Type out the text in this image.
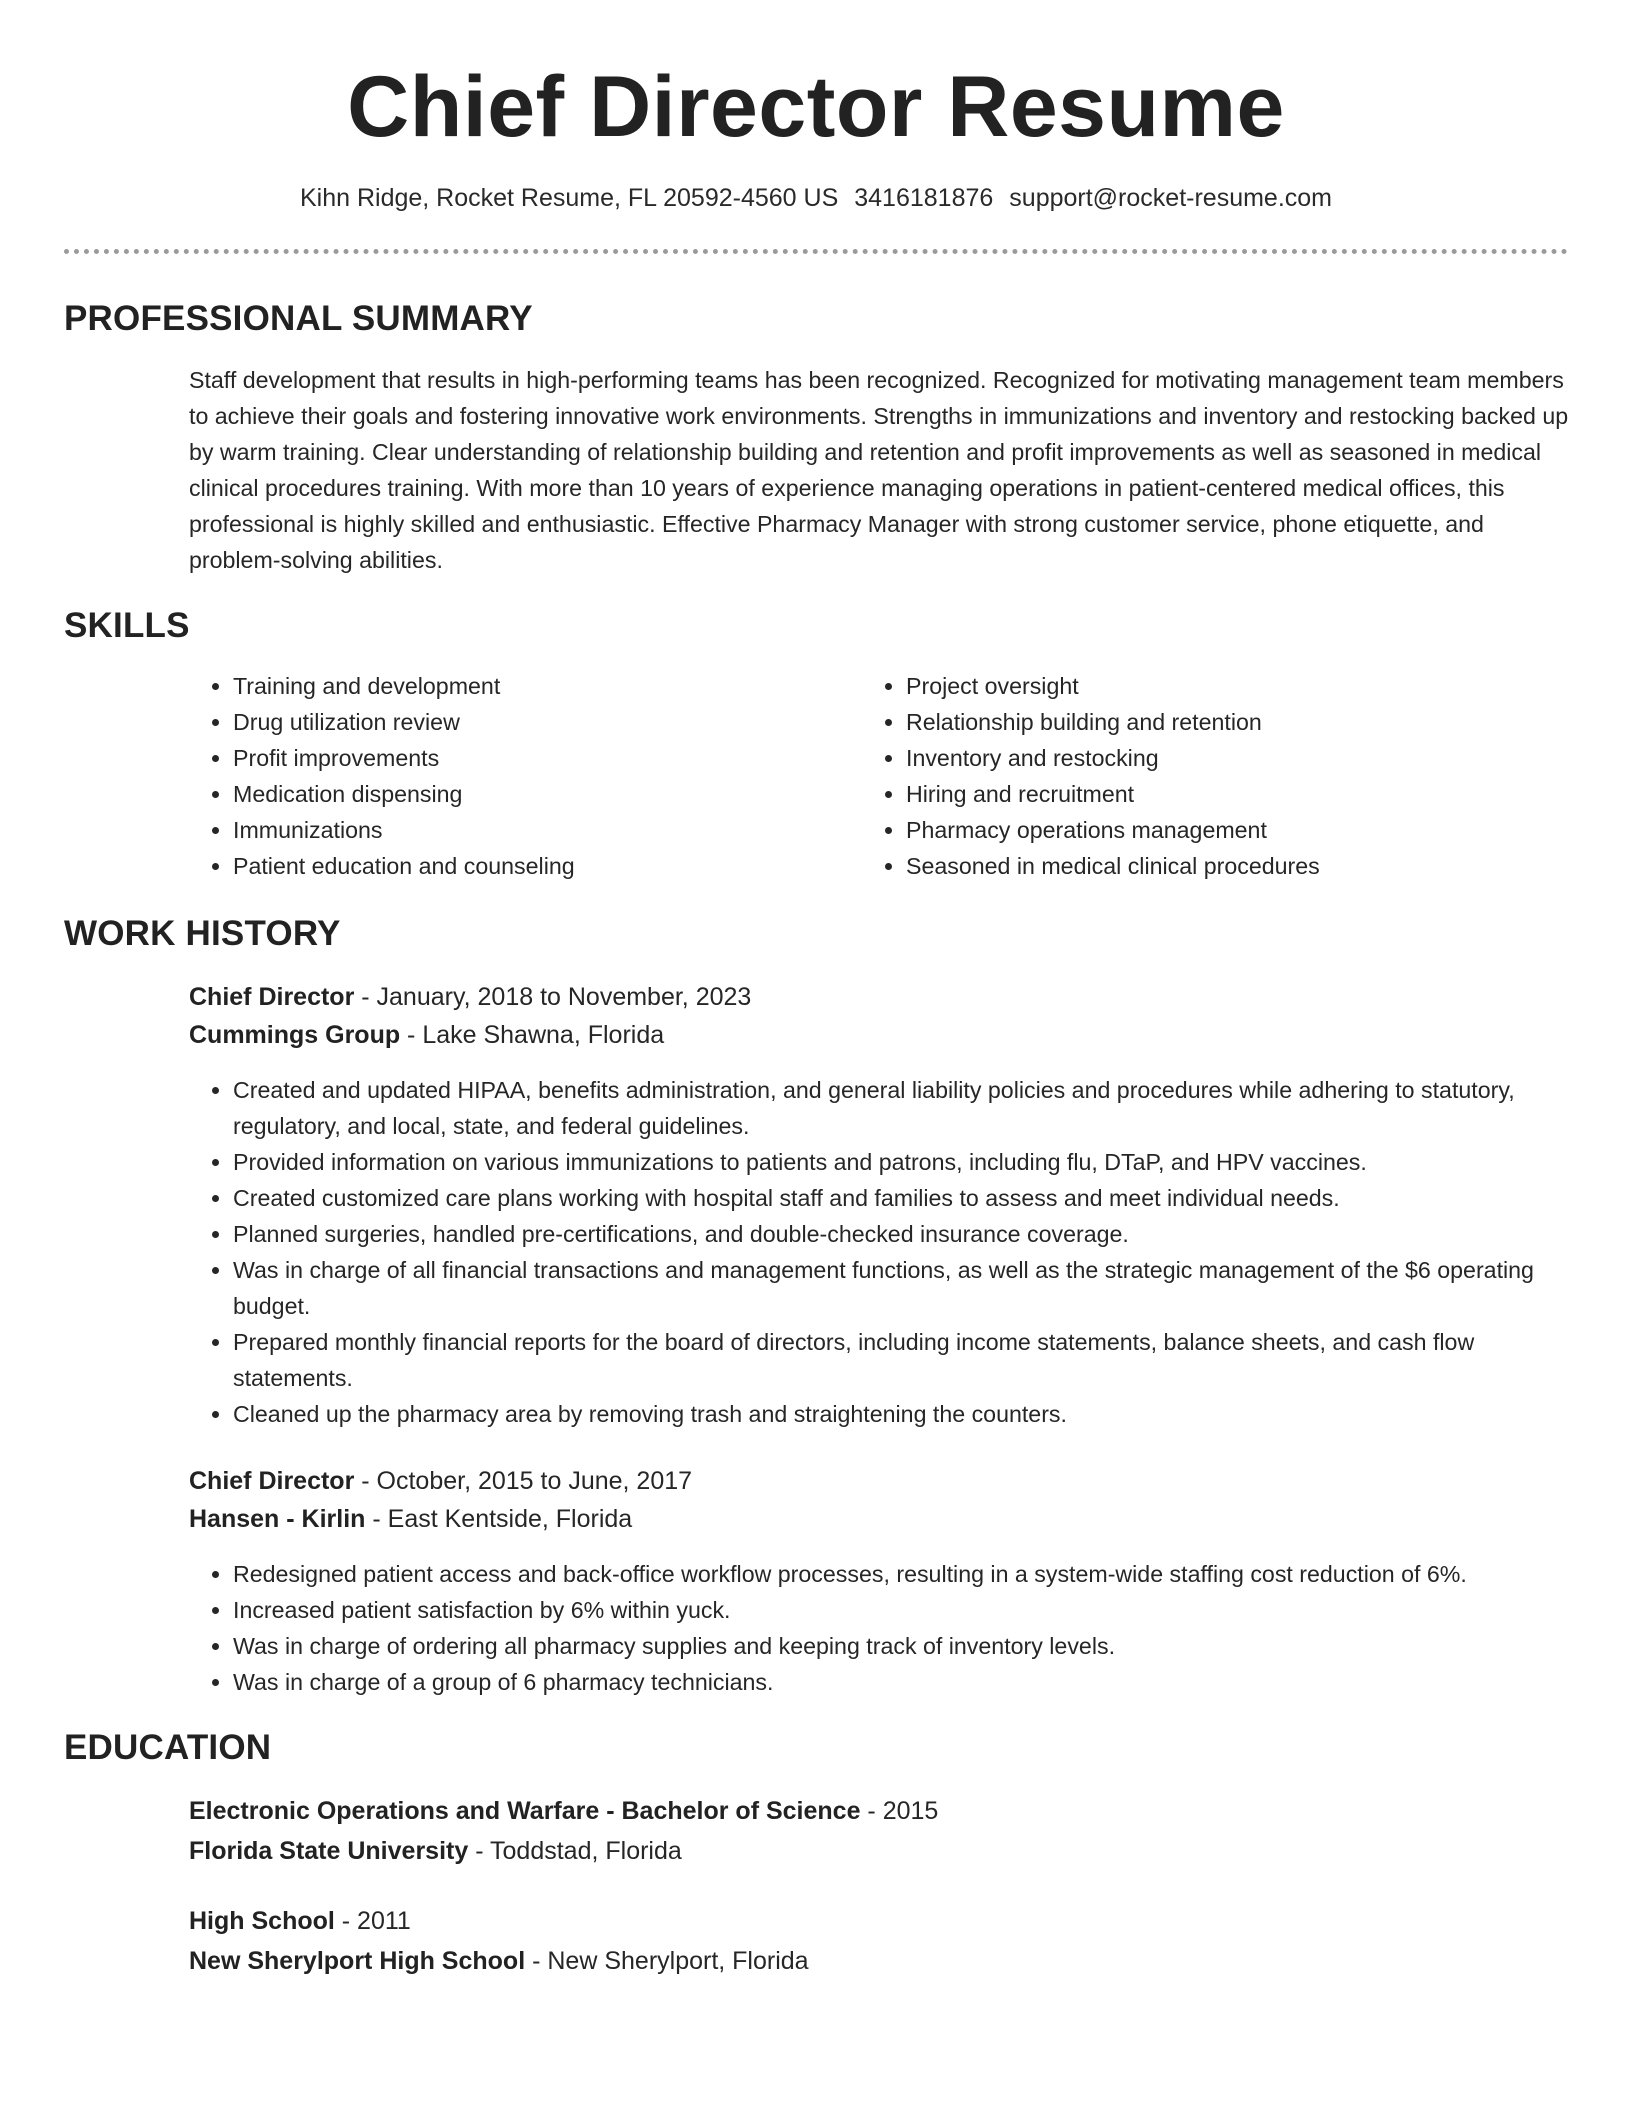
Chief Director Resume
Kihn Ridge, Rocket Resume, FL 20592-4560 US 3416181876 support@rocket-resume.com
PROFESSIONAL SUMMARY

Staff development that results in high-performing teams has been recognized. Recognized for motivating management team members to achieve their goals and fostering innovative work environments. Strengths in immunizations and inventory and restocking backed up by warm training. Clear understanding of relationship building and retention and profit improvements as well as seasoned in medical clinical procedures training. With more than 10 years of experience managing operations in patient-centered medical offices, this professional is highly skilled and enthusiastic. Effective Pharmacy Manager with strong customer service, phone etiquette, and problem-solving abilities.

SKILLS
• Training and development
• Drug utilization review
• Profit improvements
• Medication dispensing
• Immunizations
• Patient education and counseling
• Project oversight
• Relationship building and retention
• Inventory and restocking
• Hiring and recruitment
• Pharmacy operations management
• Seasoned in medical clinical procedures
WORK HISTORY
Chief Director - January, 2018 to November, 2023
Cummings Group - Lake Shawna, Florida
• Created and updated HIPAA, benefits administration, and general liability policies and procedures while adhering to statutory, regulatory, and local, state, and federal guidelines.
• Provided information on various immunizations to patients and patrons, including flu, DTaP, and HPV vaccines.
• Created customized care plans working with hospital staff and families to assess and meet individual needs.
• Planned surgeries, handled pre-certifications, and double-checked insurance coverage.
• Was in charge of all financial transactions and management functions, as well as the strategic management of the $6 operating budget.
• Prepared monthly financial reports for the board of directors, including income statements, balance sheets, and cash flow statements.
• Cleaned up the pharmacy area by removing trash and straightening the counters.
Chief Director - October, 2015 to June, 2017
Hansen - Kirlin - East Kentside, Florida
• Redesigned patient access and back-office workflow processes, resulting in a system-wide staffing cost reduction of 6%.
• Increased patient satisfaction by 6% within yuck.
• Was in charge of ordering all pharmacy supplies and keeping track of inventory levels.
• Was in charge of a group of 6 pharmacy technicians.
EDUCATION
Electronic Operations and Warfare - Bachelor of Science - 2015
Florida State University - Toddstad, Florida
High School - 2011
New Sherylport High School - New Sherylport, Florida
